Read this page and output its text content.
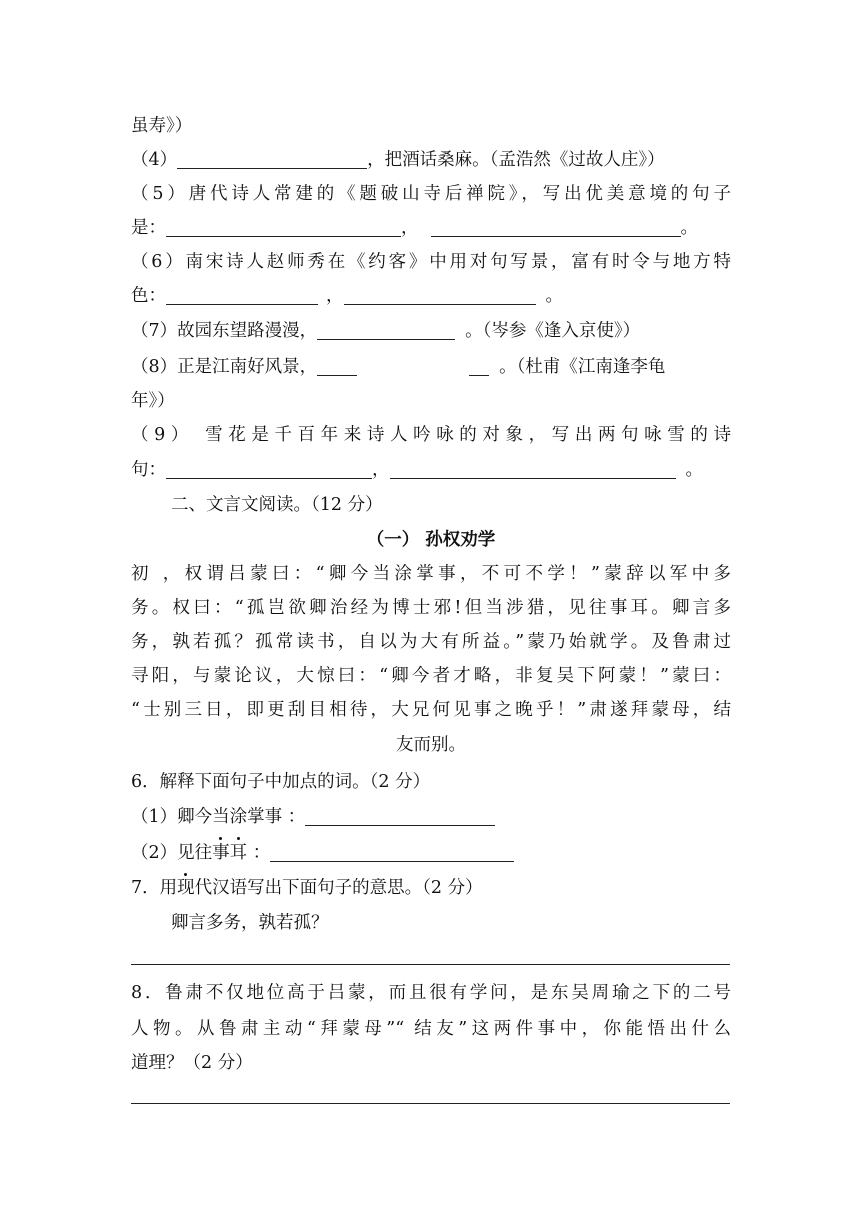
虽寿》）
（4）	，把酒话桑麻。（孟浩然《过故人庄》）
（5）唐代诗人常建的《题破山寺后禅院》，写出优美意境的句子
是：	，	。
（6）南宋诗人赵师秀在《约客》中用对句写景，富有时令与地方特
色：	，	。
（7）故园东望路漫漫，	。（岑参《逢入京使》）
（8）正是江南好风景，	。（杜甫《江南逢李龟
年》）
（9） 雪花是千百年来诗人吟咏的对象，写出两句咏雪的诗
句：	，	。
二、文言文阅读。（12 分）
（一） 孙权劝学
初 ，权谓吕蒙曰：“卿今当涂掌事，不可不学！”蒙辞以军中多
务。权曰：“孤岂欲卿治经为博士邪!但当涉猎，见往事耳。卿言多
务，孰若孤？孤常读书，自以为大有所益。”蒙乃始就学。及鲁肃过
寻阳，与蒙论议，大惊曰：“卿今者才略，非复吴下阿蒙！”蒙曰：
“士别三日，即更刮目相待，大兄何见事之晚乎！”肃遂拜蒙母，结
友而别。
6．解释下面句子中加点的词。（2 分）
（1）卿今当涂掌事 ：
（2）见往事耳 ：
7．用现代汉语写出下面句子的意思。（2 分）
卿言多务，孰若孤？
8．鲁肃不仅地位高于吕蒙，而且很有学问，是东吴周瑜之下的二号
人物。从鲁肃主动“拜蒙母”“ 结友”这两件事中，你能悟出什么
道理？（2 分）
